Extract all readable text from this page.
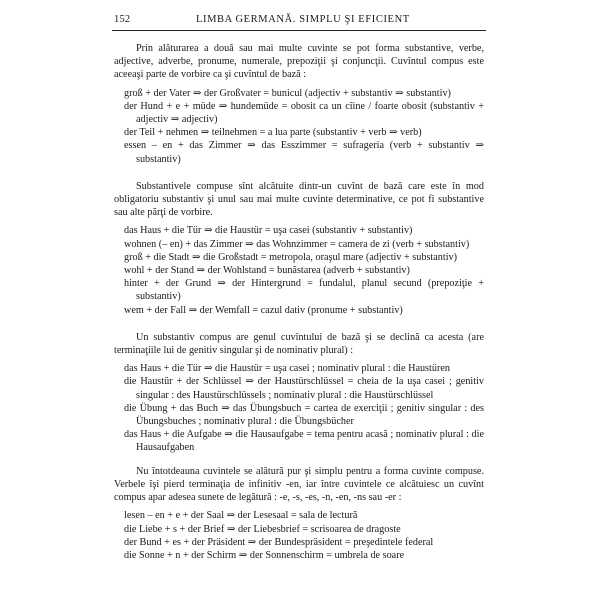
152	LIMBA GERMANĂ. SIMPLU ŞI EFICIENT

Prin alăturarea a două sau mai multe cuvinte se pot forma substantive, verbe, adjective, adverbe, pronume, numerale, prepoziţii şi conjuncţii. Cuvîntul compus este aceeaşi parte de vorbire ca şi cuvîntul de bază :

groß + der Vater ⇒ der Großvater = bunicul (adjectiv + substantiv ⇒ substantiv)

der Hund + e + müde ⇒ hundemüde = obosit ca un cîine / foarte obosit (substantiv + adjectiv ⇒ adjectiv)

der Teil + nehmen ⇒ teilnehmen = a lua parte (substantiv + verb ⇒ verb)

essen – en + das Zimmer ⇒ das Esszimmer = sufrageria (verb + substantiv ⇒ substantiv)

Substantivele compuse sînt alcătuite dintr-un cuvînt de bază care este în mod obligatoriu substantiv şi unul sau mai multe cuvinte determinative, ce pot fi substantive sau alte părţi de vorbire.

das Haus + die Tür ⇒ die Haustür = uşa casei (substantiv + substantiv)

wohnen (– en) + das Zimmer ⇒ das Wohnzimmer = camera de zi (verb + substantiv)

groß + die Stadt ⇒ die Großstadt = metropola, oraşul mare (adjectiv + substantiv)

wohl + der Stand ⇒ der Wohlstand = bunăstarea (adverb + substantiv)

hinter + der Grund ⇒ der Hintergrund = fundalul, planul secund (prepoziţie + substantiv)

wem + der Fall ⇒ der Wemfall = cazul dativ (pronume + substantiv)

Un substantiv compus are genul cuvîntului de bază şi se declină ca acesta (are terminaţiile lui de genitiv singular şi de nominativ plural) :

das Haus + die Tür ⇒ die Haustür = uşa casei ; nominativ plural : die Haustüren

die Haustür + der Schlüssel ⇒ der Haustürschlüssel = cheia de la uşa casei ; genitiv singular : des Haustürschlüssels ; nominativ plural : die Haustürschlüssel

die Übung + das Buch ⇒ das Übungsbuch = cartea de exerciţii ; genitiv singular : des Übungsbuches ; nominativ plural : die Übungsbücher

das Haus + die Aufgabe ⇒ die Hausaufgabe = tema pentru acasă ; nominativ plural : die Hausaufgaben

Nu întotdeauna cuvintele se alătură pur şi simplu pentru a forma cuvinte compuse. Verbele îşi pierd terminaţia de infinitiv -en, iar între cuvintele ce alcătuiesc un cuvînt compus apar adesea sunete de legătură : -e, -s, -es, -n, -en, -ns sau -er :

lesen – en + e + der Saal ⇒ der Lesesaal = sala de lectură

die Liebe + s + der Brief ⇒ der Liebesbrief = scrisoarea de dragoste

der Bund + es + der Präsident ⇒ der Bundespräsident = preşedintele federal

die Sonne + n + der Schirm ⇒ der Sonnenschirm = umbrela de soare
